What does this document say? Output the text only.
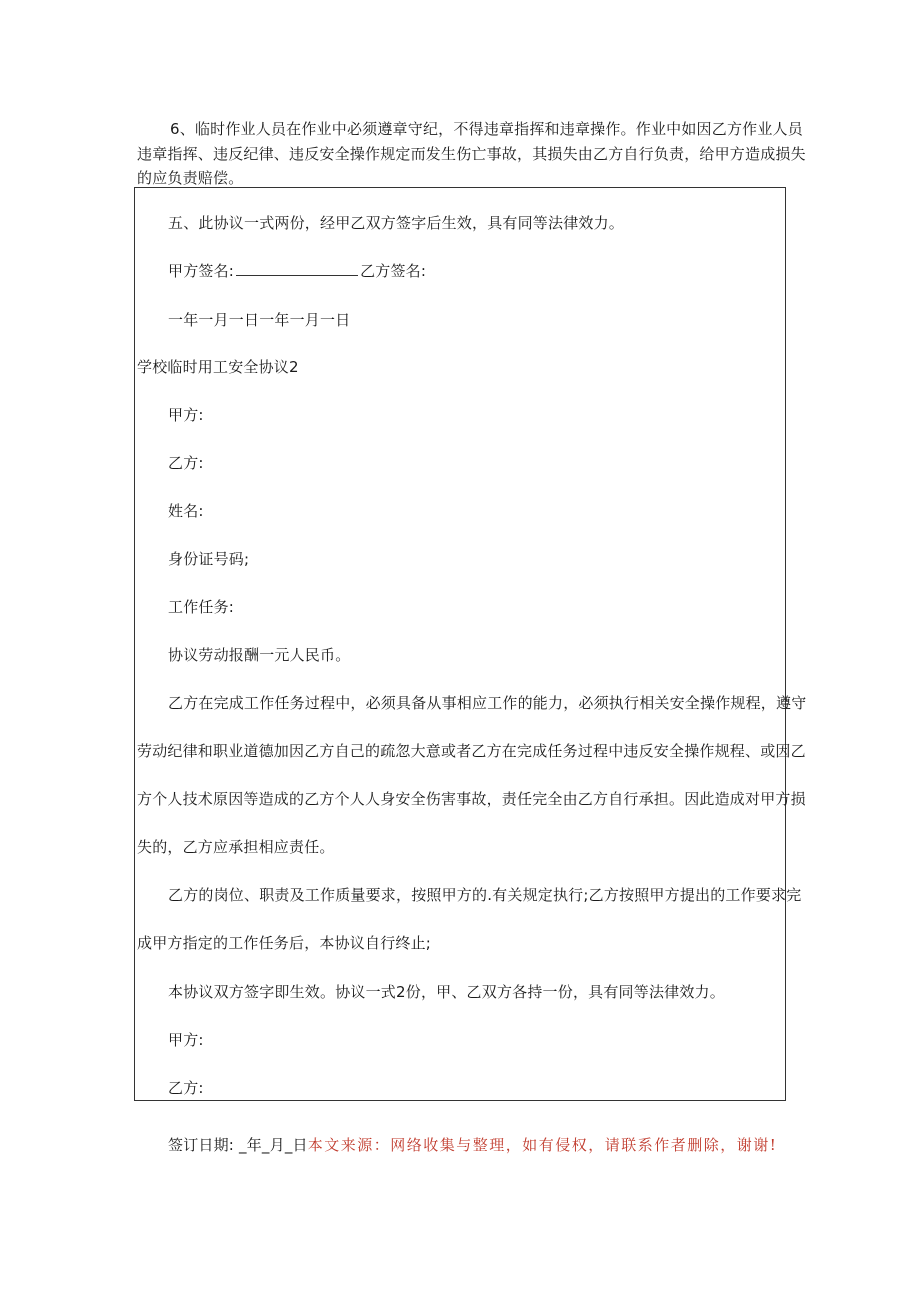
6、临时作业人员在作业中必须遵章守纪，不得违章指挥和违章操作。作业中如因乙方作业人员
违章指挥、违反纪律、违反安全操作规定而发生伤亡事故，其损失由乙方自行负责，给甲方造成损失
的应负责赔偿。
五、此协议一式两份，经甲乙双方签字后生效，具有同等法律效力。
甲方签名:	乙方签名:
一年一月一日一年一月一日
学校临时用工安全协议2
甲方:
乙方:
姓名:
身份证号码;
工作任务:
协议劳动报酬一元人民币。
乙方在完成工作任务过程中，必须具备从事相应工作的能力，必须执行相关安全操作规程，遵守
劳动纪律和职业道德加因乙方自己的疏忽大意或者乙方在完成任务过程中违反安全操作规程、或因乙
方个人技术原因等造成的乙方个人人身安全伤害事故，责任完全由乙方自行承担。因此造成对甲方损
失的，乙方应承担相应责任。
乙方的岗位、职责及工作质量要求，按照甲方的.有关规定执行;乙方按照甲方提出的工作要求完
成甲方指定的工作任务后，本协议自行终止;
本协议双方签字即生效。协议一式2份，甲、乙双方各持一份，具有同等法律效力。
甲方:
乙方:
签订日期: _年_月_日本文来源：网络收集与整理，如有侵权，请联系作者删除，谢谢!
